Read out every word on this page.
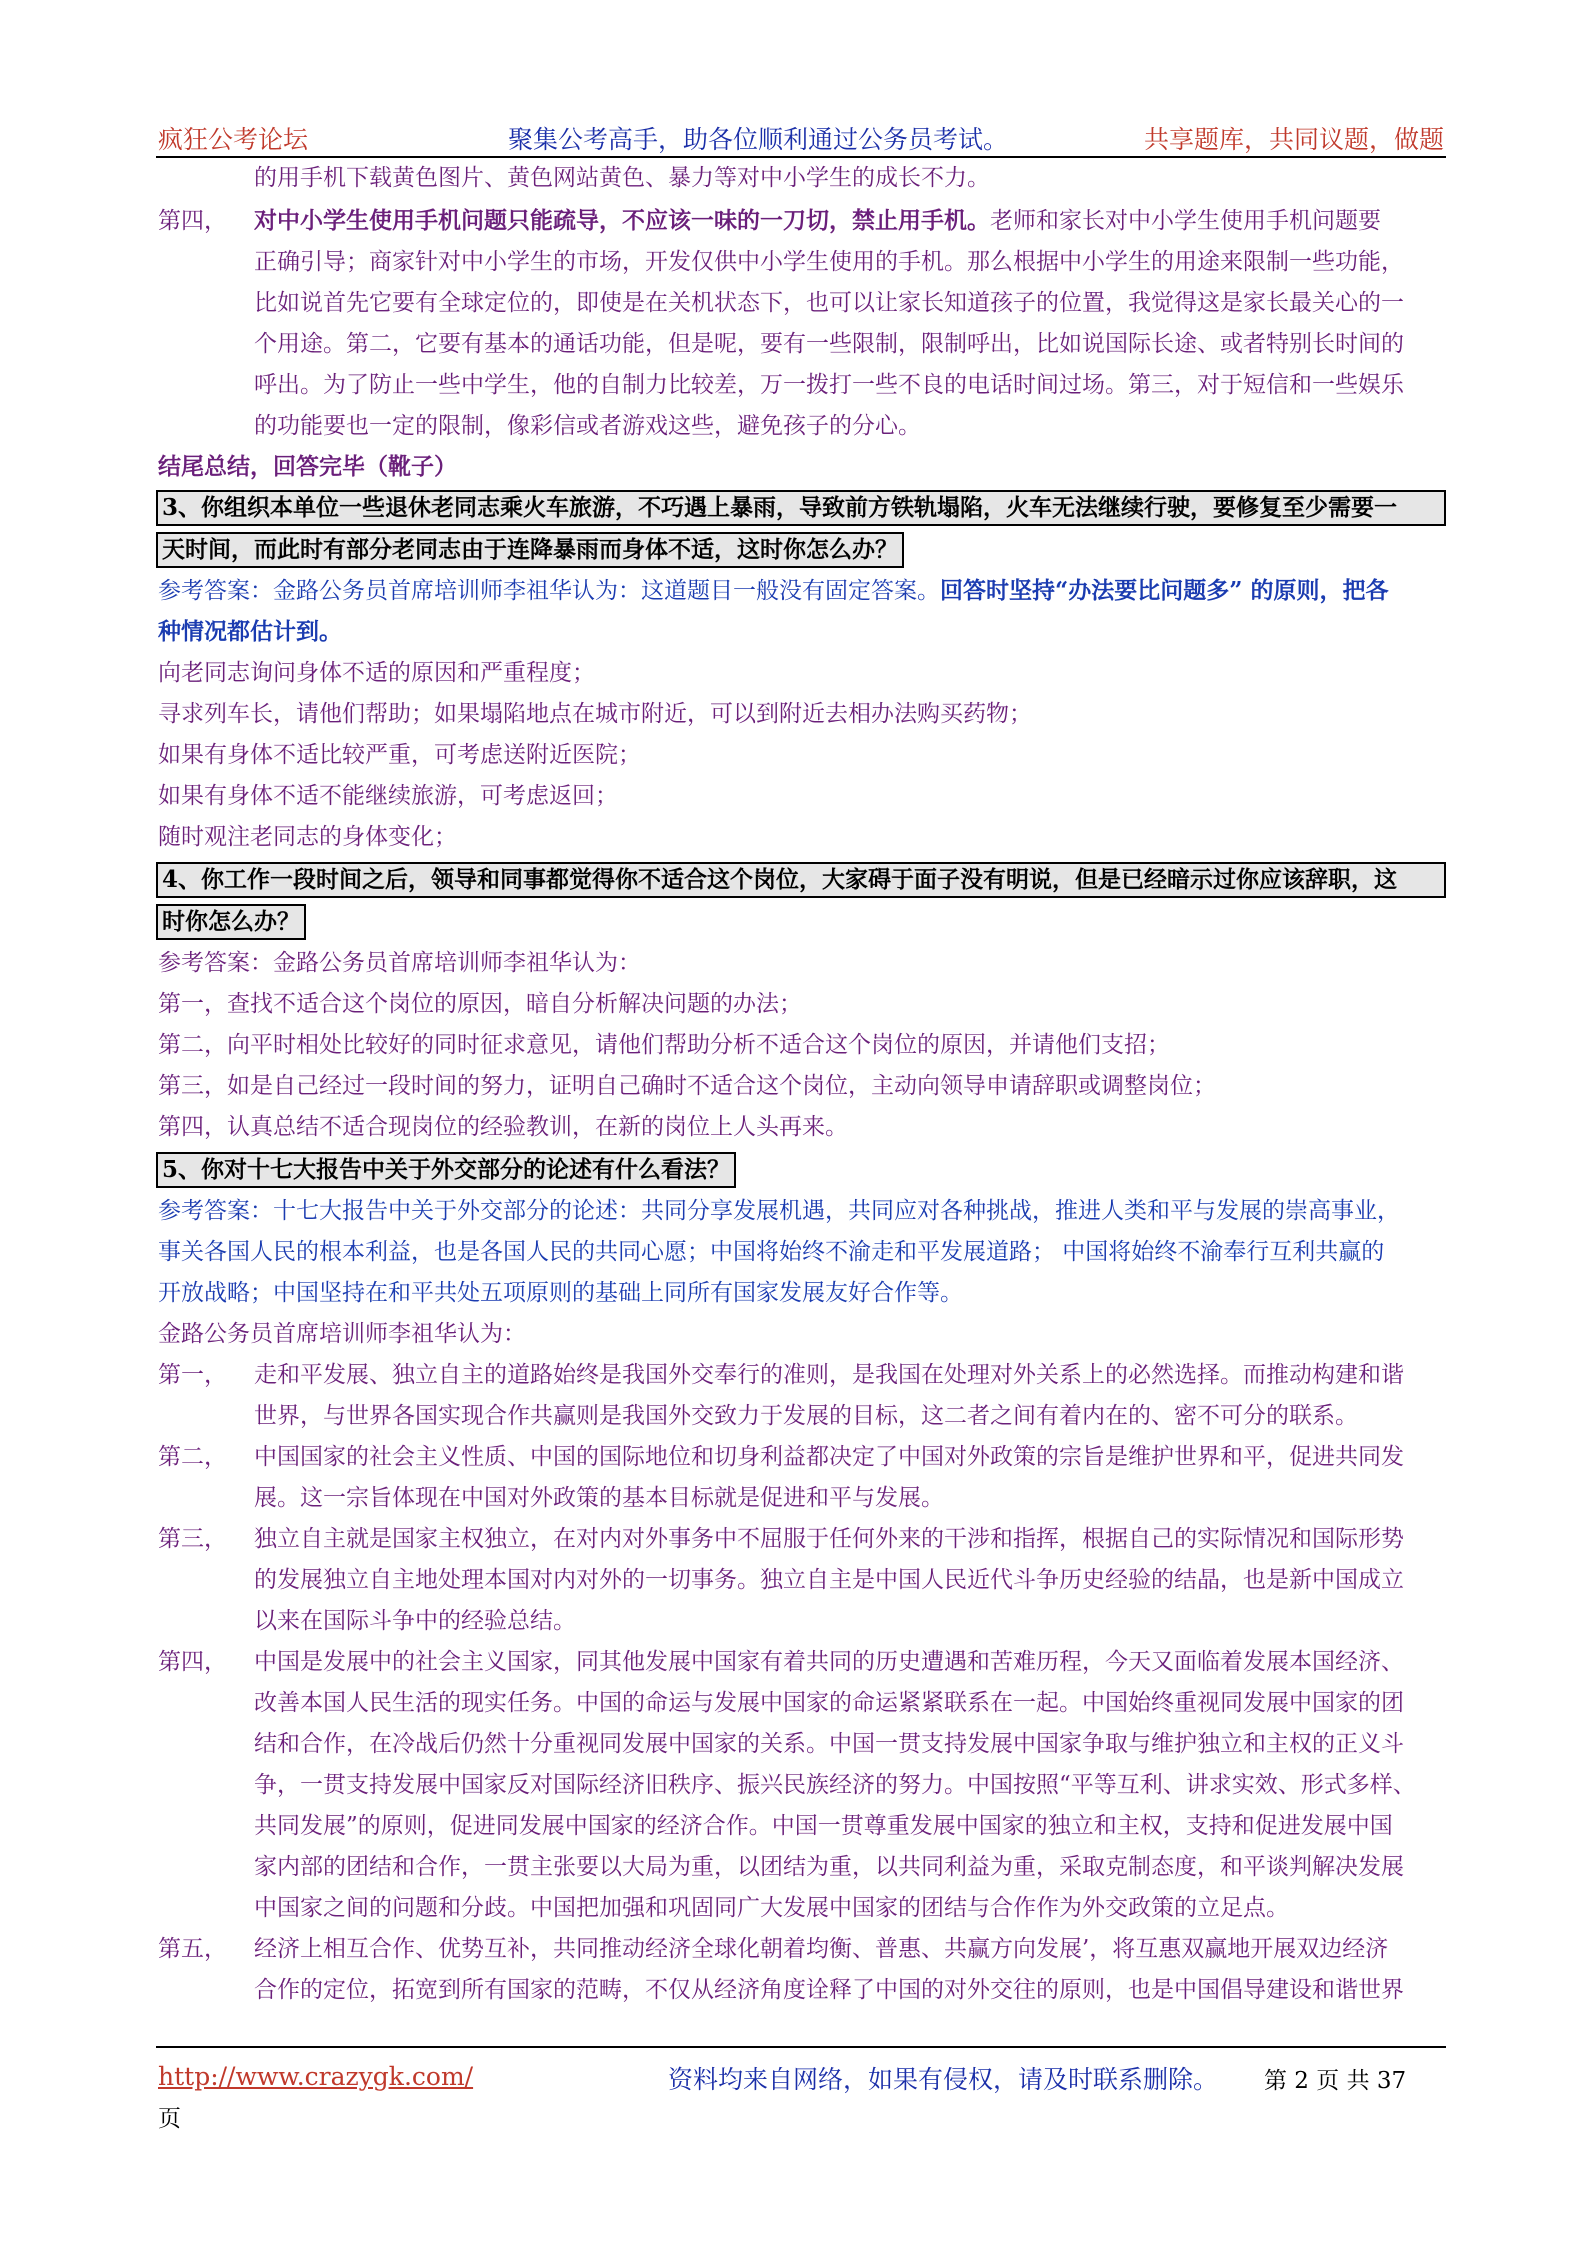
疯狂公考论坛	聚集公考高手，助各位顺利通过公务员考试。	共享题库，共同议题，做题
的用手机下载黄色图片、黄色网站黄色、暴力等对中小学生的成长不力。
第四， 对中小学生使用手机问题只能疏导，不应该一味的一刀切，禁止用手机。老师和家长对中小学生使用手机问题要
正确引导；商家针对中小学生的市场，开发仅供中小学生使用的手机。那么根据中小学生的用途来限制一些功能，
比如说首先它要有全球定位的，即使是在关机状态下，也可以让家长知道孩子的位置，我觉得这是家长最关心的一
个用途。第二，它要有基本的通话功能，但是呢，要有一些限制，限制呼出，比如说国际长途、或者特别长时间的
呼出。为了防止一些中学生，他的自制力比较差，万一拨打一些不良的电话时间过场。第三，对于短信和一些娱乐
的功能要也一定的限制，像彩信或者游戏这些，避免孩子的分心。
结尾总结，回答完毕（靴子）
3、你组织本单位一些退休老同志乘火车旅游，不巧遇上暴雨，导致前方铁轨塌陷，火车无法继续行驶，要修复至少需要一
天时间，而此时有部分老同志由于连降暴雨而身体不适，这时你怎么办？
参考答案：金路公务员首席培训师李祖华认为：这道题目一般没有固定答案。回答时坚持“办法要比问题多” 的原则，把各
种情况都估计到。
向老同志询问身体不适的原因和严重程度；
寻求列车长，请他们帮助；如果塌陷地点在城市附近，可以到附近去相办法购买药物；
如果有身体不适比较严重，可考虑送附近医院；
如果有身体不适不能继续旅游，可考虑返回；
随时观注老同志的身体变化；
4、你工作一段时间之后，领导和同事都觉得你不适合这个岗位，大家碍于面子没有明说，但是已经暗示过你应该辞职，这
时你怎么办？
参考答案：金路公务员首席培训师李祖华认为：
第一，查找不适合这个岗位的原因，暗自分析解决问题的办法；
第二，向平时相处比较好的同时征求意见，请他们帮助分析不适合这个岗位的原因，并请他们支招；
第三，如是自己经过一段时间的努力，证明自己确时不适合这个岗位，主动向领导申请辞职或调整岗位；
第四，认真总结不适合现岗位的经验教训，在新的岗位上人头再来。
5、你对十七大报告中关于外交部分的论述有什么看法？
参考答案：十七大报告中关于外交部分的论述：共同分享发展机遇，共同应对各种挑战，推进人类和平与发展的崇高事业，
事关各国人民的根本利益，也是各国人民的共同心愿；中国将始终不渝走和平发展道路； 中国将始终不渝奉行互利共赢的
开放战略；中国坚持在和平共处五项原则的基础上同所有国家发展友好合作等。
金路公务员首席培训师李祖华认为：
第一， 走和平发展、独立自主的道路始终是我国外交奉行的准则，是我国在处理对外关系上的必然选择。而推动构建和谐
世界，与世界各国实现合作共赢则是我国外交致力于发展的目标，这二者之间有着内在的、密不可分的联系。
第二， 中国国家的社会主义性质、中国的国际地位和切身利益都决定了中国对外政策的宗旨是维护世界和平，促进共同发
展。这一宗旨体现在中国对外政策的基本目标就是促进和平与发展。
第三， 独立自主就是国家主权独立，在对内对外事务中不屈服于任何外来的干涉和指挥，根据自己的实际情况和国际形势
的发展独立自主地处理本国对内对外的一切事务。独立自主是中国人民近代斗争历史经验的结晶，也是新中国成立
以来在国际斗争中的经验总结。
第四， 中国是发展中的社会主义国家，同其他发展中国家有着共同的历史遭遇和苦难历程，今天又面临着发展本国经济、
改善本国人民生活的现实任务。中国的命运与发展中国家的命运紧紧联系在一起。中国始终重视同发展中国家的团
结和合作，在冷战后仍然十分重视同发展中国家的关系。中国一贯支持发展中国家争取与维护独立和主权的正义斗
争，一贯支持发展中国家反对国际经济旧秩序、振兴民族经济的努力。中国按照“平等互利、讲求实效、形式多样、
共同发展”的原则，促进同发展中国家的经济合作。中国一贯尊重发展中国家的独立和主权，支持和促进发展中国
家内部的团结和合作，一贯主张要以大局为重，以团结为重，以共同利益为重，采取克制态度，和平谈判解决发展
中国家之间的问题和分歧。中国把加强和巩固同广大发展中国家的团结与合作作为外交政策的立足点。
第五， 经济上相互合作、优势互补，共同推动经济全球化朝着均衡、普惠、共赢方向发展’，将互惠双赢地开展双边经济
合作的定位，拓宽到所有国家的范畴，不仅从经济角度诠释了中国的对外交往的原则，也是中国倡导建设和谐世界
http://www.crazygk.com/	资料均来自网络，如果有侵权，请及时联系删除。 第 2 页 共 37
页
